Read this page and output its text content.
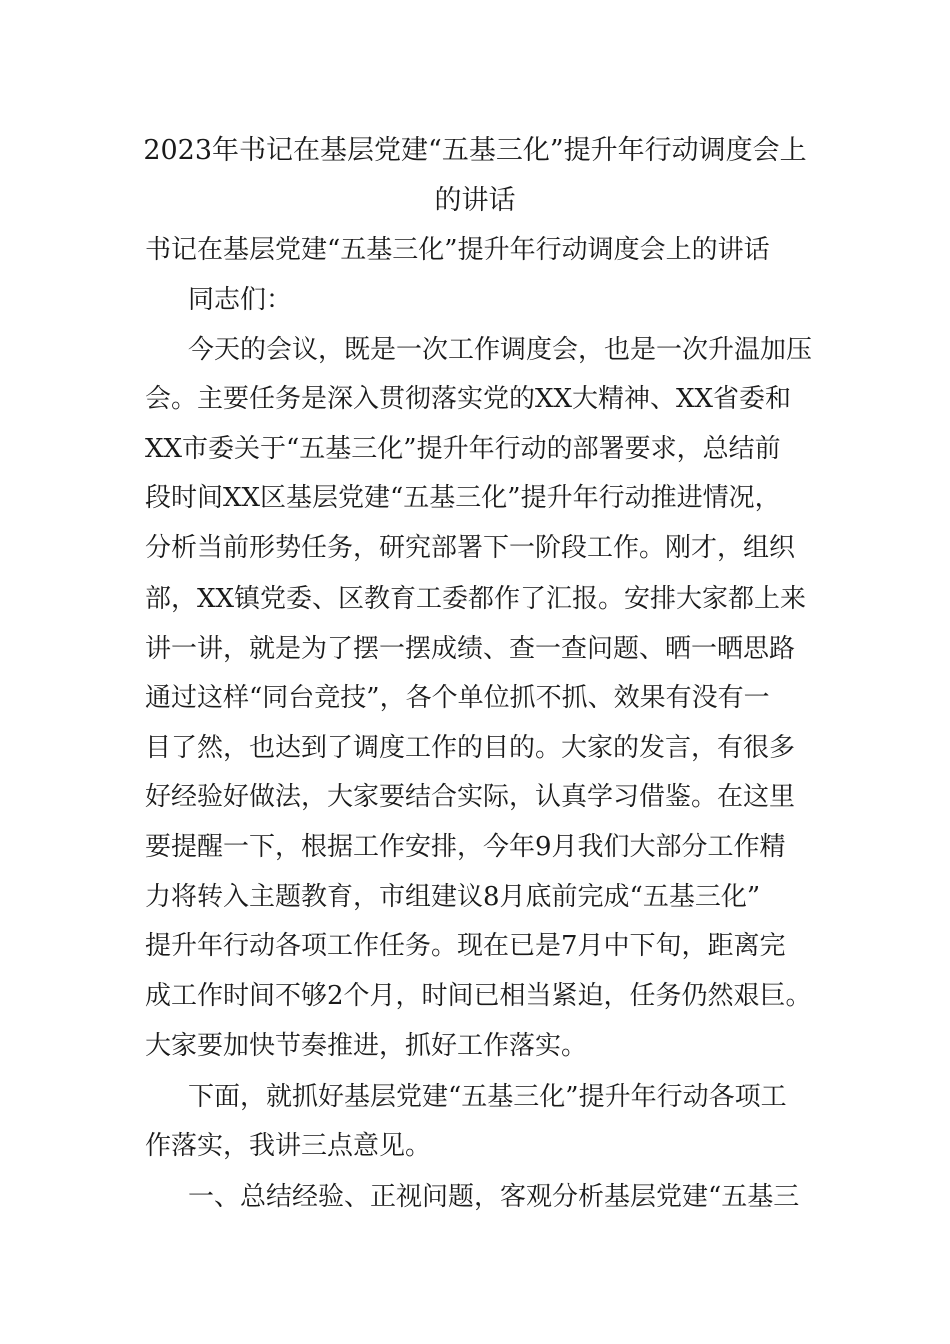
2023年书记在基层党建“五基三化”提升年行动调度会上
的讲话

书记在基层党建“五基三化”提升年行动调度会上的讲话

同志们：

今天的会议，既是一次工作调度会，也是一次升温加压

会。主要任务是深入贯彻落实党的XX大精神、XX省委和

XX市委关于“五基三化”提升年行动的部署要求，总结前

段时间XX区基层党建“五基三化”提升年行动推进情况，

分析当前形势任务，研究部署下一阶段工作。刚才，组织

部，XX镇党委、区教育工委都作了汇报。安排大家都上来

讲一讲，就是为了摆一摆成绩、查一查问题、晒一晒思路

通过这样“同台竞技”，各个单位抓不抓、效果有没有一

目了然，也达到了调度工作的目的。大家的发言，有很多

好经验好做法，大家要结合实际，认真学习借鉴。在这里

要提醒一下，根据工作安排，今年9月我们大部分工作精

力将转入主题教育，市组建议8月底前完成“五基三化”

提升年行动各项工作任务。现在已是7月中下旬，距离完

成工作时间不够2个月，时间已相当紧迫，任务仍然艰巨。

大家要加快节奏推进，抓好工作落实。

下面，就抓好基层党建“五基三化”提升年行动各项工

作落实，我讲三点意见。

一、总结经验、正视问题，客观分析基层党建“五基三
